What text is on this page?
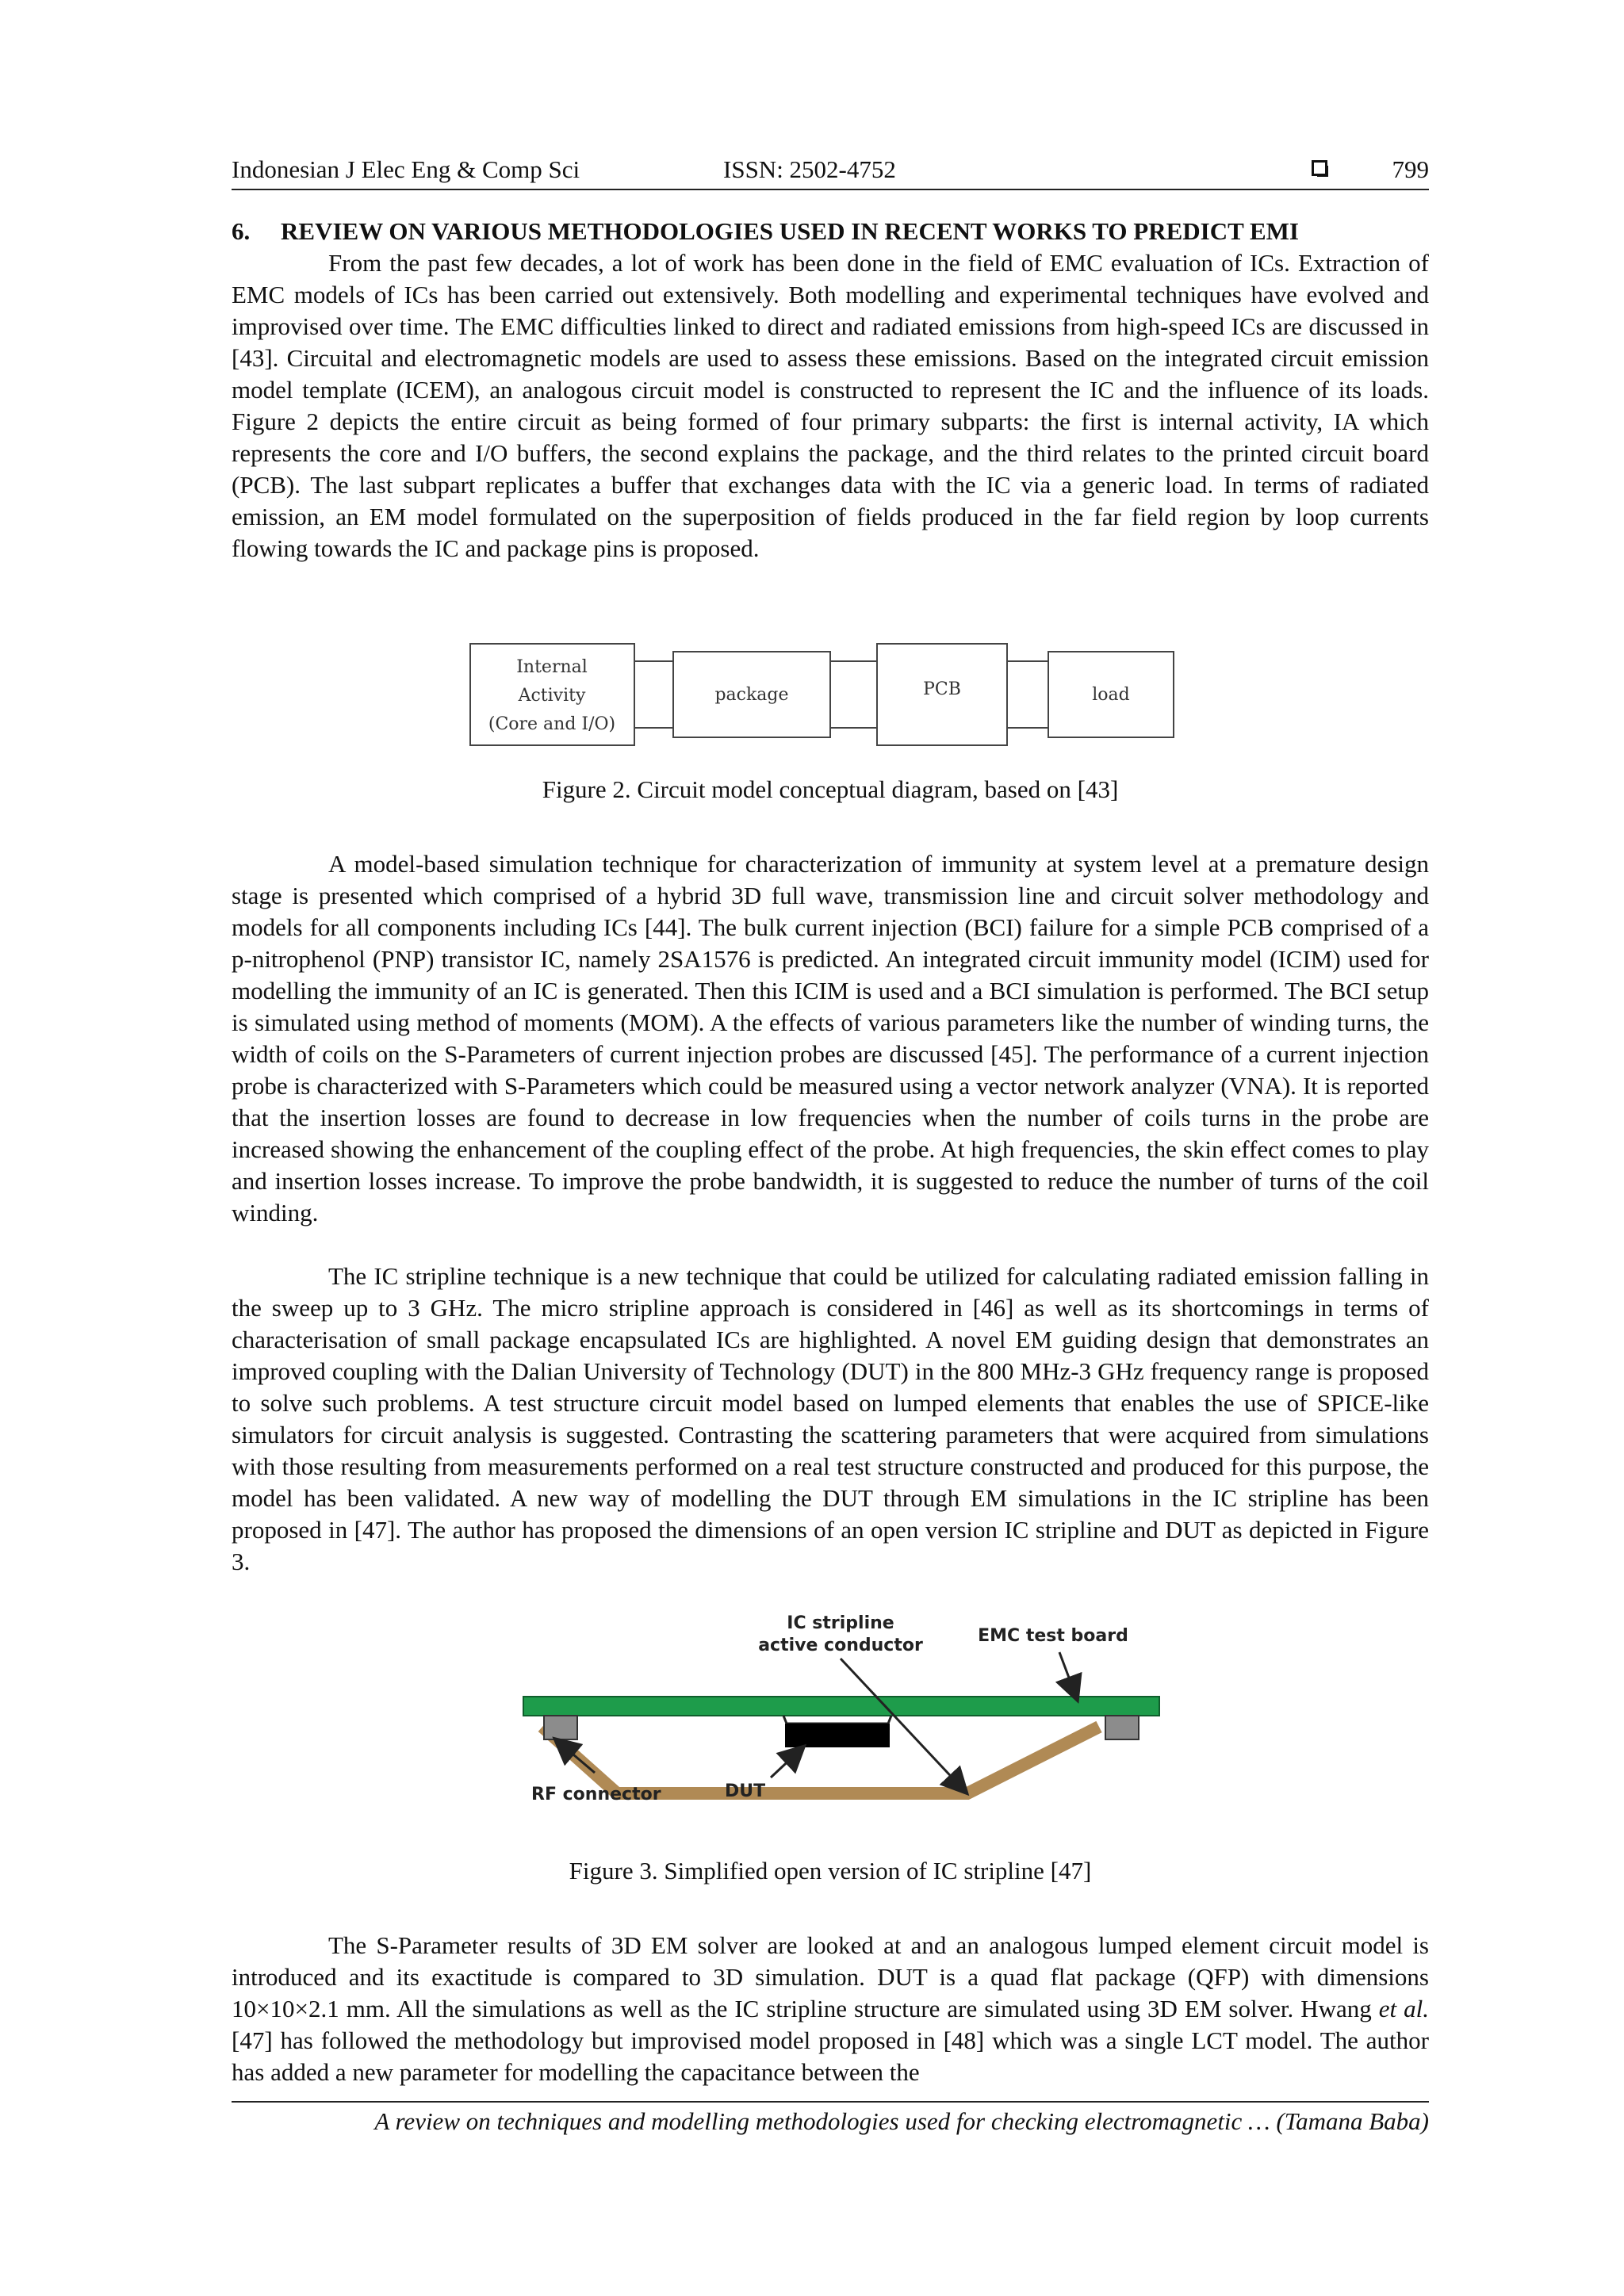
Indonesian J Elec Eng & Comp Sci	ISSN: 2502-4752	799
6. REVIEW ON VARIOUS METHODOLOGIES USED IN RECENT WORKS TO PREDICT EMI

From the past few decades, a lot of work has been done in the field of EMC evaluation of ICs. Extraction of EMC models of ICs has been carried out extensively. Both modelling and experimental techniques have evolved and improvised over time. The EMC difficulties linked to direct and radiated emissions from high-speed ICs are discussed in [43]. Circuital and electromagnetic models are used to assess these emissions. Based on the integrated circuit emission model template (ICEM), an analogous circuit model is constructed to represent the IC and the influence of its loads. Figure 2 depicts the entire circuit as being formed of four primary subparts: the first is internal activity, IA which represents the core and I/O buffers, the second explains the package, and the third relates to the printed circuit board (PCB). The last subpart replicates a buffer that exchanges data with the IC via a generic load. In terms of radiated emission, an EM model formulated on the superposition of fields produced in the far field region by loop currents flowing towards the IC and package pins is proposed.

Internal
Activity
(Core and I/O)
package	PCB	load
Figure 2. Circuit model conceptual diagram, based on [43]

A model-based simulation technique for characterization of immunity at system level at a premature design stage is presented which comprised of a hybrid 3D full wave, transmission line and circuit solver methodology and models for all components including ICs [44]. The bulk current injection (BCI) failure for a simple PCB comprised of a p-nitrophenol (PNP) transistor IC, namely 2SA1576 is predicted. An integrated circuit immunity model (ICIM) used for modelling the immunity of an IC is generated. Then this ICIM is used and a BCI simulation is performed. The BCI setup is simulated using method of moments (MOM). A the effects of various parameters like the number of winding turns, the width of coils on the S-Parameters of current injection probes are discussed [45]. The performance of a current injection probe is characterized with S-Parameters which could be measured using a vector network analyzer (VNA). It is reported that the insertion losses are found to decrease in low frequencies when the number of coils turns in the probe are increased showing the enhancement of the coupling effect of the probe. At high frequencies, the skin effect comes to play and insertion losses increase. To improve the probe bandwidth, it is suggested to reduce the number of turns of the coil winding.

The IC stripline technique is a new technique that could be utilized for calculating radiated emission falling in the sweep up to 3 GHz. The micro stripline approach is considered in [46] as well as its shortcomings in terms of characterisation of small package encapsulated ICs are highlighted. A novel EM guiding design that demonstrates an improved coupling with the Dalian University of Technology (DUT) in the 800 MHz-3 GHz frequency range is proposed to solve such problems. A test structure circuit model based on lumped elements that enables the use of SPICE-like simulators for circuit analysis is suggested. Contrasting the scattering parameters that were acquired from simulations with those resulting from measurements performed on a real test structure constructed and produced for this purpose, the model has been validated. A new way of modelling the DUT through EM simulations in the IC stripline has been proposed in [47]. The author has proposed the dimensions of an open version IC stripline and DUT as depicted in Figure 3.

IC stripline
active conductor	EMC test board
RF connector	DUT
Figure 3. Simplified open version of IC stripline [47]

The S-Parameter results of 3D EM solver are looked at and an analogous lumped element circuit model is introduced and its exactitude is compared to 3D simulation. DUT is a quad flat package (QFP) with dimensions 10×10×2.1 mm. All the simulations as well as the IC stripline structure are simulated using 3D EM solver. Hwang et al. [47] has followed the methodology but improvised model proposed in [48] which was a single LCT model. The author has added a new parameter for modelling the capacitance between the

A review on techniques and modelling methodologies used for checking electromagnetic … (Tamana Baba)
